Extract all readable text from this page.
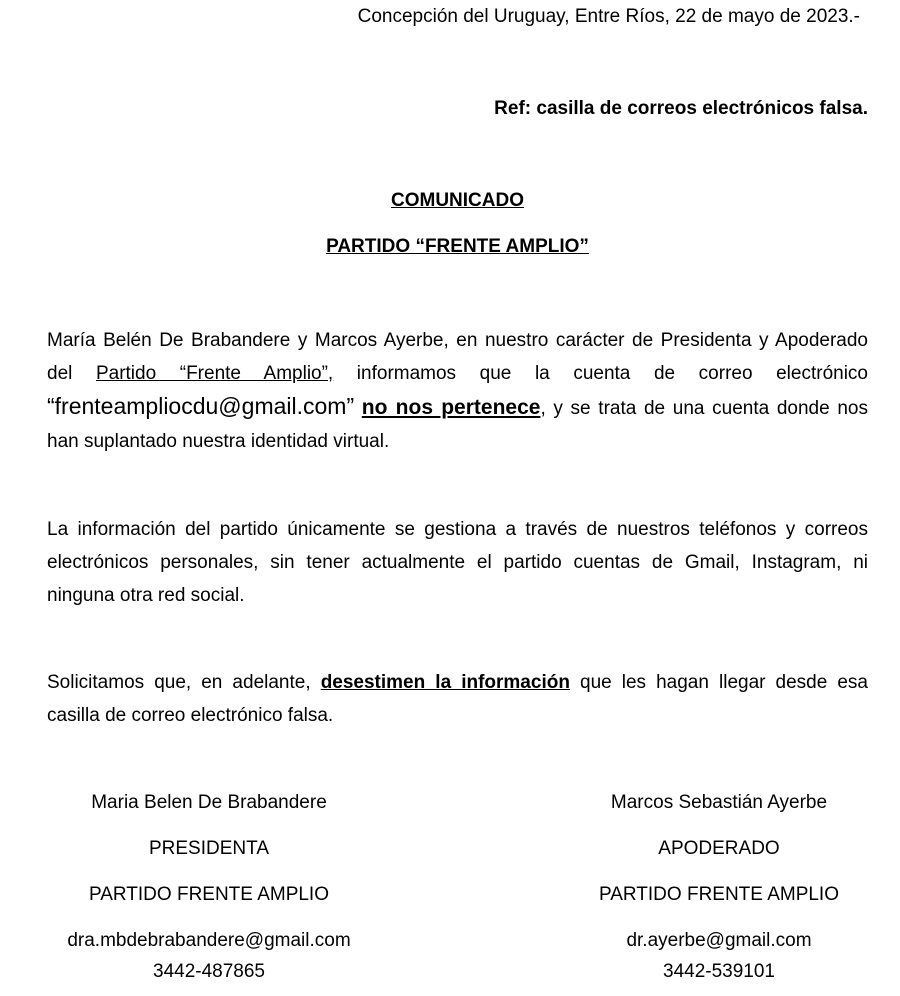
Concepción del Uruguay, Entre Ríos, 22 de mayo de 2023.-
Ref: casilla de correos electrónicos falsa.
COMUNICADO
PARTIDO “FRENTE AMPLIO”
María Belén De Brabandere y Marcos Ayerbe, en nuestro carácter de Presidenta y Apoderado del Partido “Frente Amplio”, informamos que la cuenta de correo electrónico “frenteampliocdu@gmail.com” no nos pertenece, y se trata de una cuenta donde nos han suplantado nuestra identidad virtual.
La información del partido únicamente se gestiona a través de nuestros teléfonos y correos electrónicos personales, sin tener actualmente el partido cuentas de Gmail, Instagram, ni ninguna otra red social.
Solicitamos que, en adelante, desestimen la información que les hagan llegar desde esa casilla de correo electrónico falsa.
Maria Belen De Brabandere
PRESIDENTA
PARTIDO FRENTE AMPLIO
dra.mbdebrabandere@gmail.com
3442-487865
Marcos Sebastián Ayerbe
APODERADO
PARTIDO FRENTE AMPLIO
dr.ayerbe@gmail.com
3442-539101
